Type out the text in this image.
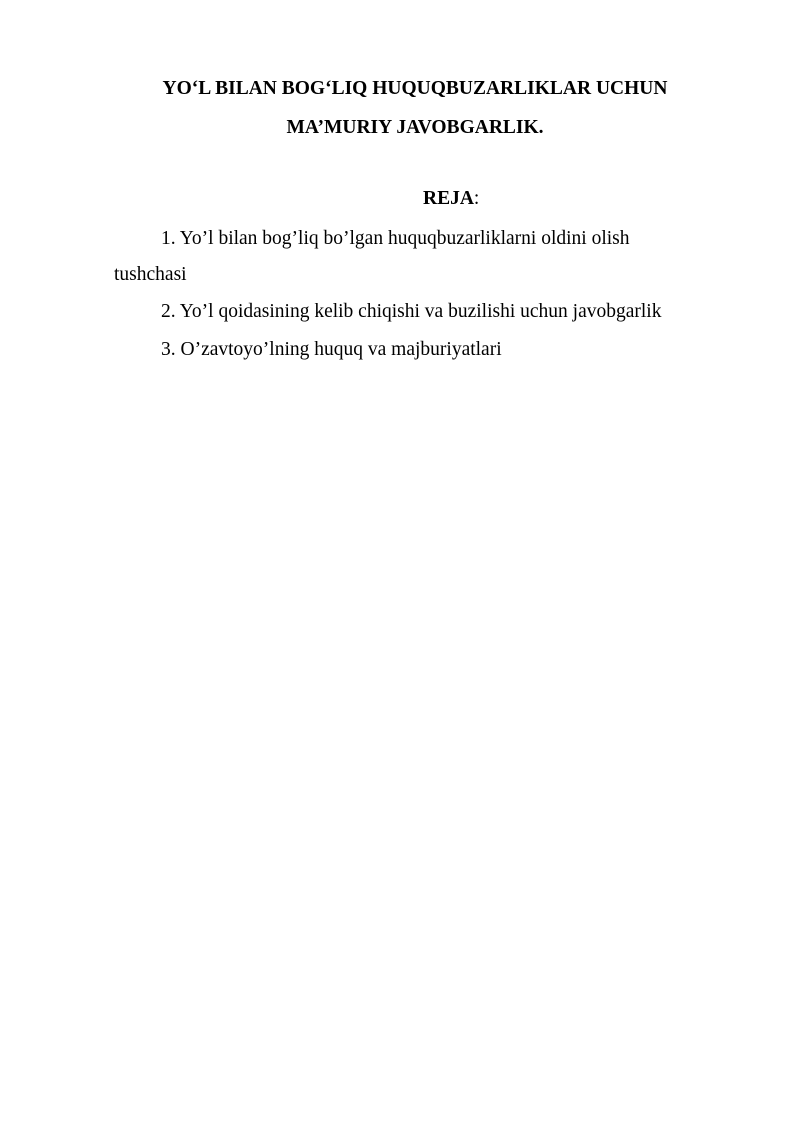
YO‘L BILAN BOG‘LIQ HUQUQBUZARLIKLAR UCHUN
MA’MURIY JAVOBGARLIK.
REJA:
1. Yo’l bilan bog’liq bo’lgan huquqbuzarliklarni oldini olish
tushchasi
2. Yo’l qoidasining kelib chiqishi va buzilishi uchun javobgarlik
3. O’zavtoyo’lning huquq va majburiyatlari
